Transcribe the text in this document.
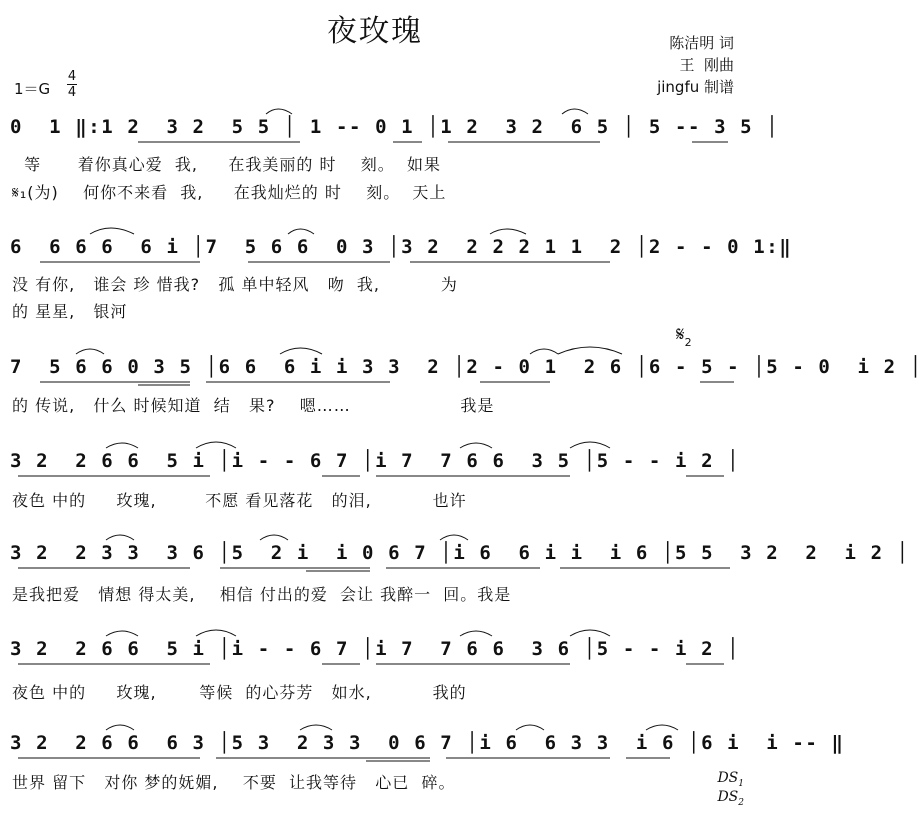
夜玫瑰	陈洁明 词
王  刚曲
jingfu 制谱
1＝G
4
4
0  1 ‖:1 2  3 2  5 5 │ 1 -- 0 1 │1 2  3 2  6 5 │ 5 -- 3 5 │
等      着你真心爱  我,     在我美丽的 时    刻。  如果
𝄋₁(为)    何你不来看  我,     在我灿烂的 时    刻。  天上
6  6 6 6  6 i │7  5 6 6  0 3 │3 2  2 2 2 1 1  2 │2 - - 0 1:‖
没 有你,   谁会 珍 惜我?   孤 单中轻风   吻  我,          为
的 星星,   银河
$𝄋_2$
7  5 6 6 0 3 5 │6 6  6 i i 3 3  2 │2 - 0 1  2 6 │6 - 5 - │5 - 0  i 2 │
的 传说,   什么 时候知道  结   果?    嗯……                  我是
3 2  2 6 6  5 i │i - - 6 7 │i 7  7 6 6  3 5 │5 - - i 2 │
夜色 中的     玫瑰,        不愿 看见落花   的泪,          也许
3 2  2 3 3  3 6 │5  2 i  i 0 6 7 │i 6  6 i i  i 6 │5 5  3 2  2  i 2 │
是我把爱   情想 得太美,    相信 付出的爱  会让 我醉一  回。我是
3 2  2 6 6  5 i │i - - 6 7 │i 7  7 6 6  3 6 │5 - - i 2 │
夜色 中的     玫瑰,       等候  的心芬芳   如水,          我的
3 2  2 6 6  6 3 │5 3  2 3 3  0 6 7 │i 6  6 3 3  i 6 │6 i  i -- ‖
世界 留下   对你 梦的妩媚,    不要  让我等待   心已  碎。	$DS_1$
$DS_2$
